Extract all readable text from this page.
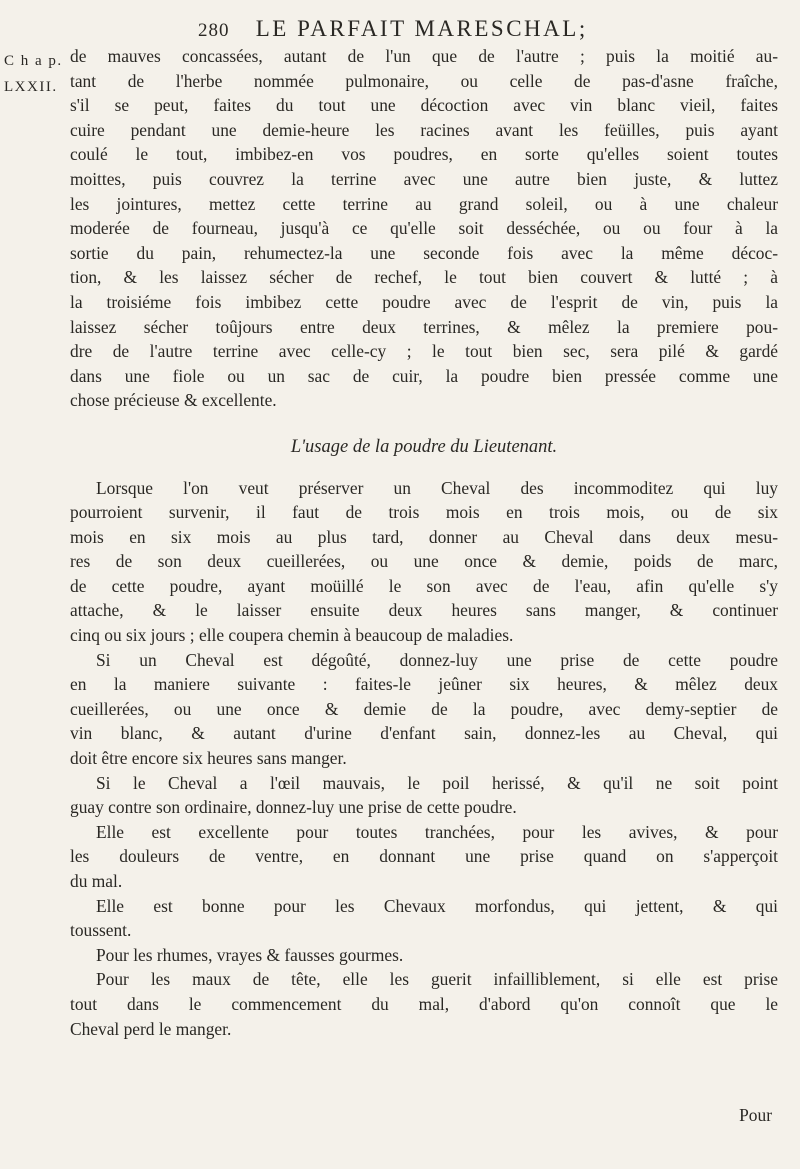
280 LE PARFAIT MARESCHAL;
C h a p.
LXXII.
de mauves concassées, autant de l'un que de l'autre ; puis la moitié au-
tant de l'herbe nommée pulmonaire, ou celle de pas-d'asne fraîche,
s'il se peut, faites du tout une décoction avec vin blanc vieil, faites
cuire pendant une demie-heure les racines avant les feüilles, puis ayant
coulé le tout, imbibez-en vos poudres, en sorte qu'elles soient toutes
moittes, puis couvrez la terrine avec une autre bien juste, & luttez
les jointures, mettez cette terrine au grand soleil, ou à une chaleur
moderée de fourneau, jusqu'à ce qu'elle soit desséchée, ou ou four à la
sortie du pain, rehumectez-la une seconde fois avec la même décoc-
tion, & les laissez sécher de rechef, le tout bien couvert & lutté ; à
la troisiéme fois imbibez cette poudre avec de l'esprit de vin, puis la
laissez sécher toûjours entre deux terrines, & mêlez la premiere pou-
dre de l'autre terrine avec celle-cy ; le tout bien sec, sera pilé & gardé
dans une fiole ou un sac de cuir, la poudre bien pressée comme une
chose précieuse & excellente.
L'usage de la poudre du Lieutenant.
Lorsque l'on veut préserver un Cheval des incommoditez qui luy
pourroient survenir, il faut de trois mois en trois mois, ou de six
mois en six mois au plus tard, donner au Cheval dans deux mesu-
res de son deux cueillerées, ou une once & demie, poids de marc,
de cette poudre, ayant moüillé le son avec de l'eau, afin qu'elle s'y
attache, & le laisser ensuite deux heures sans manger, & continuer
cinq ou six jours ; elle coupera chemin à beaucoup de maladies.
Si un Cheval est dégoûté, donnez-luy une prise de cette poudre
en la maniere suivante : faites-le jeûner six heures, & mêlez deux
cueillerées, ou une once & demie de la poudre, avec demy-septier de
vin blanc, & autant d'urine d'enfant sain, donnez-les au Cheval, qui
doit être encore six heures sans manger.
Si le Cheval a l'œil mauvais, le poil herissé, & qu'il ne soit point
guay contre son ordinaire, donnez-luy une prise de cette poudre.
Elle est excellente pour toutes tranchées, pour les avives, & pour
les douleurs de ventre, en donnant une prise quand on s'apperçoit
du mal.
Elle est bonne pour les Chevaux morfondus, qui jettent, & qui
toussent.
Pour les rhumes, vrayes & fausses gourmes.
Pour les maux de tête, elle les guerit infailliblement, si elle est prise
tout dans le commencement du mal, d'abord qu'on connoît que le
Cheval perd le manger.
Pour
